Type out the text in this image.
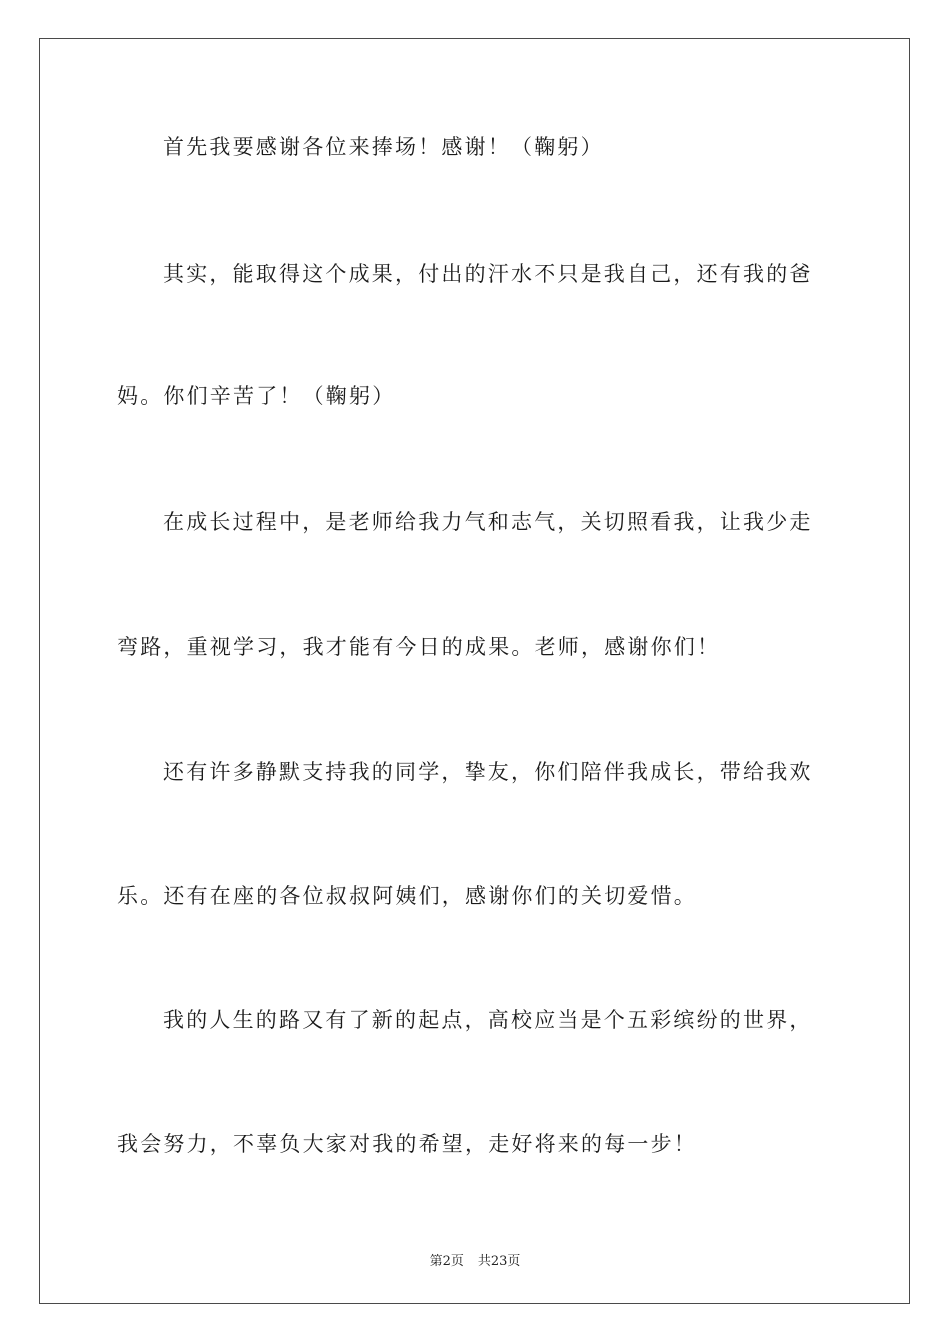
首先我要感谢各位来捧场！感谢！（鞠躬）
其实，能取得这个成果，付出的汗水不只是我自己，还有我的爸
妈。你们辛苦了！（鞠躬）
在成长过程中，是老师给我力气和志气，关切照看我，让我少走
弯路，重视学习，我才能有今日的成果。老师，感谢你们！
还有许多静默支持我的同学，挚友，你们陪伴我成长，带给我欢
乐。还有在座的各位叔叔阿姨们，感谢你们的关切爱惜。
我的人生的路又有了新的起点，高校应当是个五彩缤纷的世界，
我会努力，不辜负大家对我的希望，走好将来的每一步！
第2页 共23页
